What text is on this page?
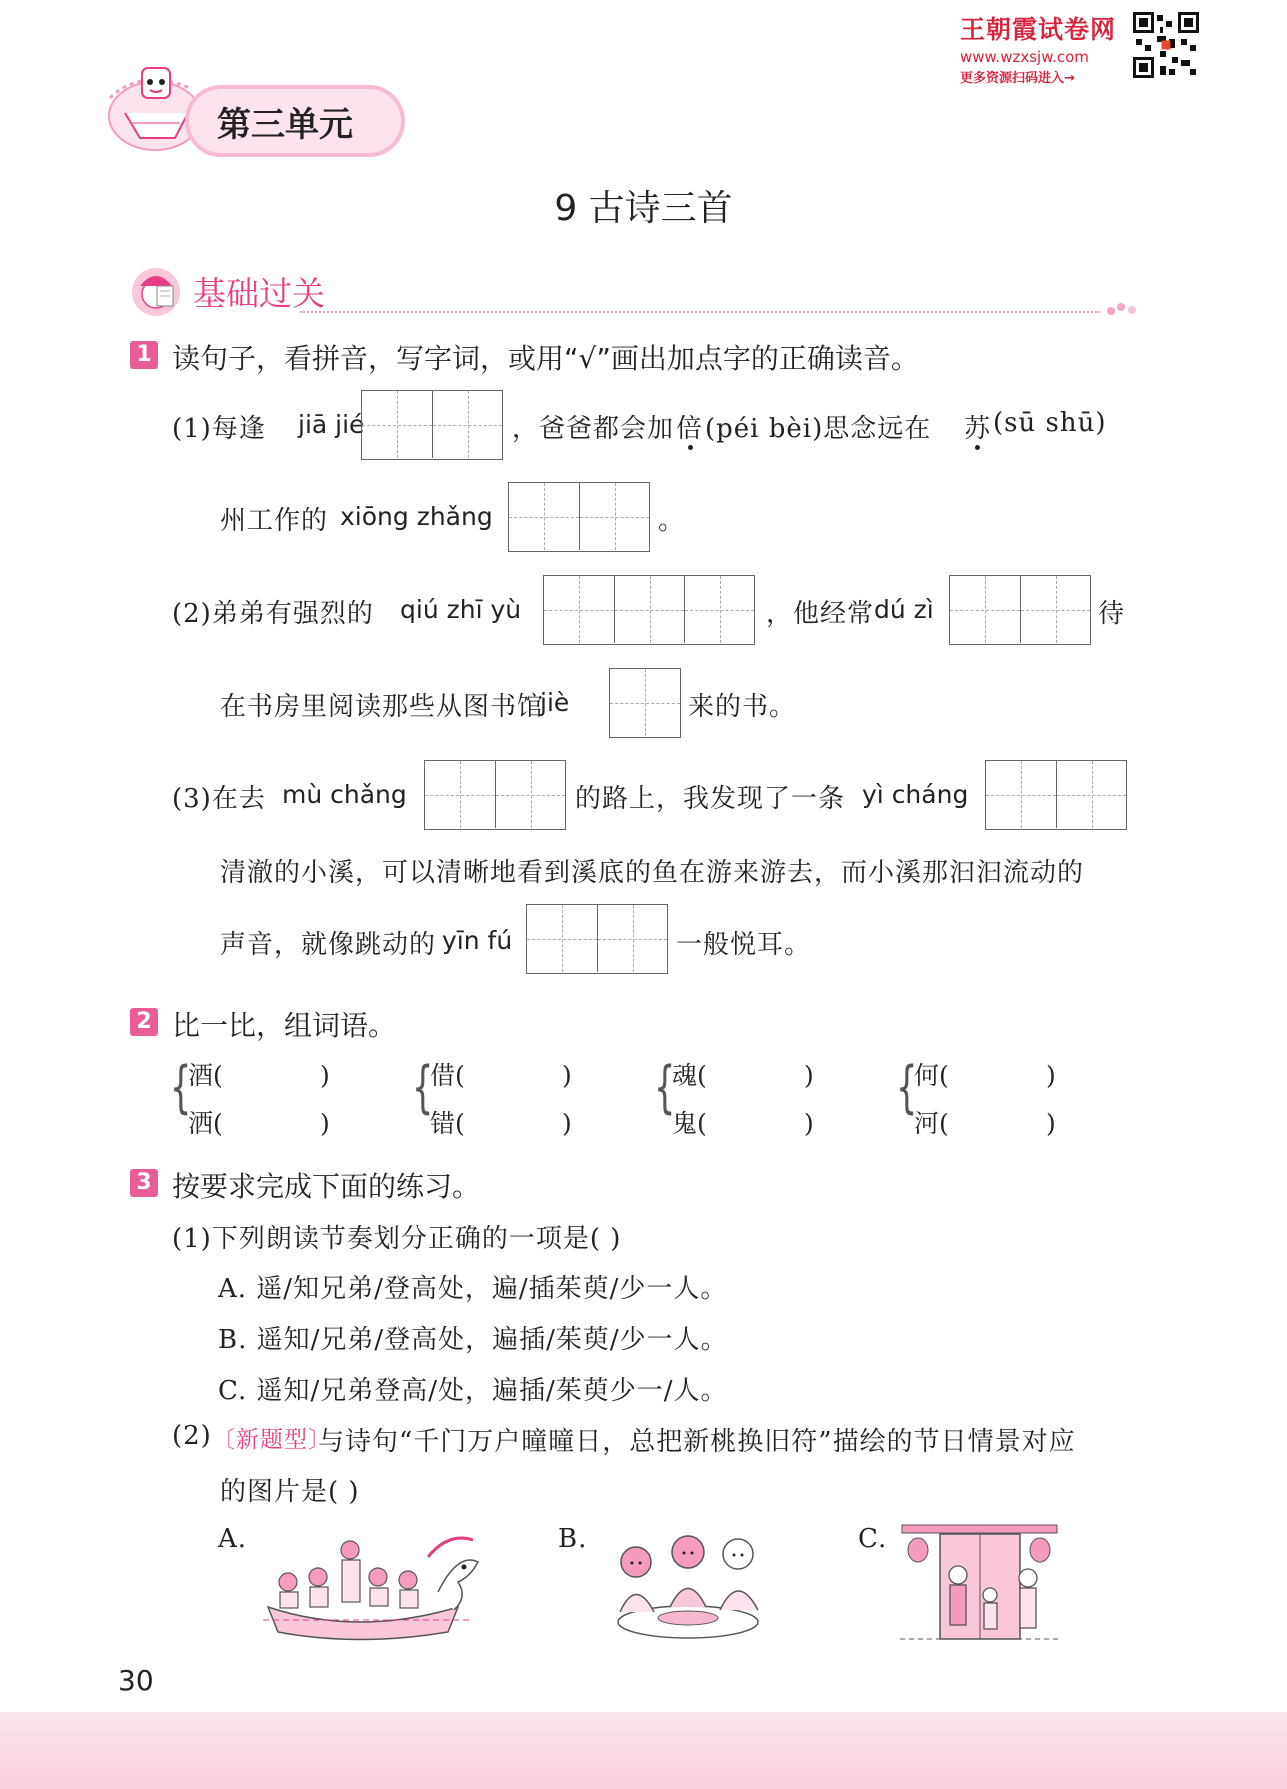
王朝霞试卷网
www.wzxsjw.com
更多资源扫码进入→
第三单元
9 古诗三首
基础过关
1 读句子，看拼音，写字词，或用“√”画出加点字的正确读音。
(1)每逢 jiā jié	，爸爸都会加 倍 (péi bèi)思念远在 苏 (sū shū)
州工作的 xiōng zhǎng	。
(2)弟弟有强烈的 qiú zhī yù	，他经常 dú zì	待
在书房里阅读那些从图书馆
jiè	来的书。
(3)在去 mù chǎng	的路上，我发现了一条 yì cháng
清澈的小溪，可以清晰地看到溪底的鱼在游来游去，而小溪那汩汩流动的
声音，就像跳动的 yīn fú	一般悦耳。
2 比一比，组词语。
{
酒(	)
洒(	)
{
借(	)
错(	)
{
魂(	)
鬼(	)
{
何(	)
河(	)
3 按要求完成下面的练习。
(1)下列朗读节奏划分正确的一项是( )
A. 遥/知兄弟/登高处，遍/插茱萸/少一人。
B. 遥知/兄弟/登高处，遍插/茱萸/少一人。
C. 遥知/兄弟登高/处，遍插/茱萸少一/人。
(2) 〔新题型〕
与诗句“千门万户曈曈日，总把新桃换旧符”描绘的节日情景对应
的图片是( )
A.	B.	C.
30
